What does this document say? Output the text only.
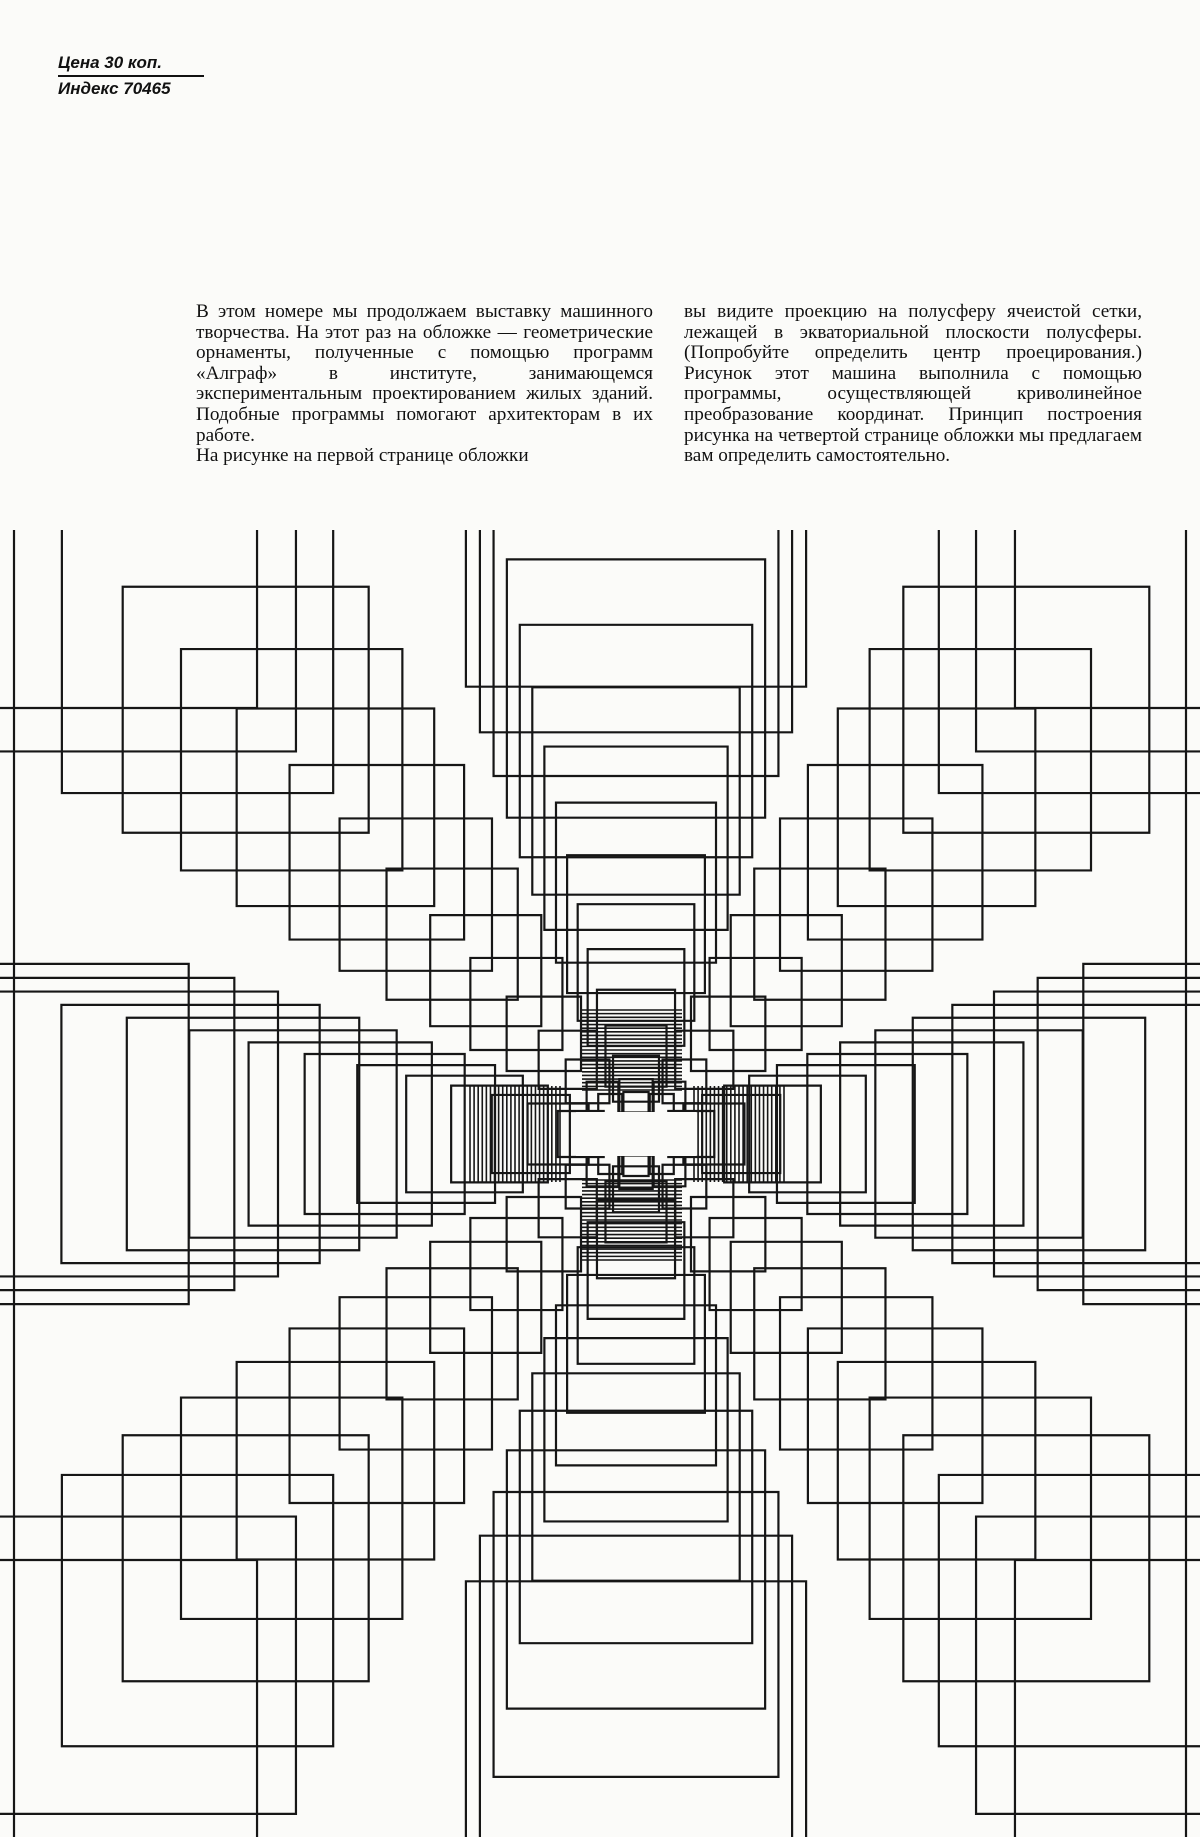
Цена 30 коп.
Индекс 70465

В этом номере мы продолжаем выставку машинного творчества. На этот раз на обложке — геометрические орнаменты, полученные с помощью программ «Алграф» в институте, занимающемся экспериментальным проектированием жилых зданий. Подобные программы помогают архитекторам в их работе.

На рисунке на первой странице обложки

вы видите проекцию на полусферу ячеистой сетки, лежащей в экваториальной плоскости полусферы. (Попробуйте определить центр проецирования.) Рисунок этот машина выполнила с помощью программы, осуществляющей криволинейное преобразование координат. Принцип построения рисунка на четвертой странице обложки мы предлагаем вам определить самостоятельно.
